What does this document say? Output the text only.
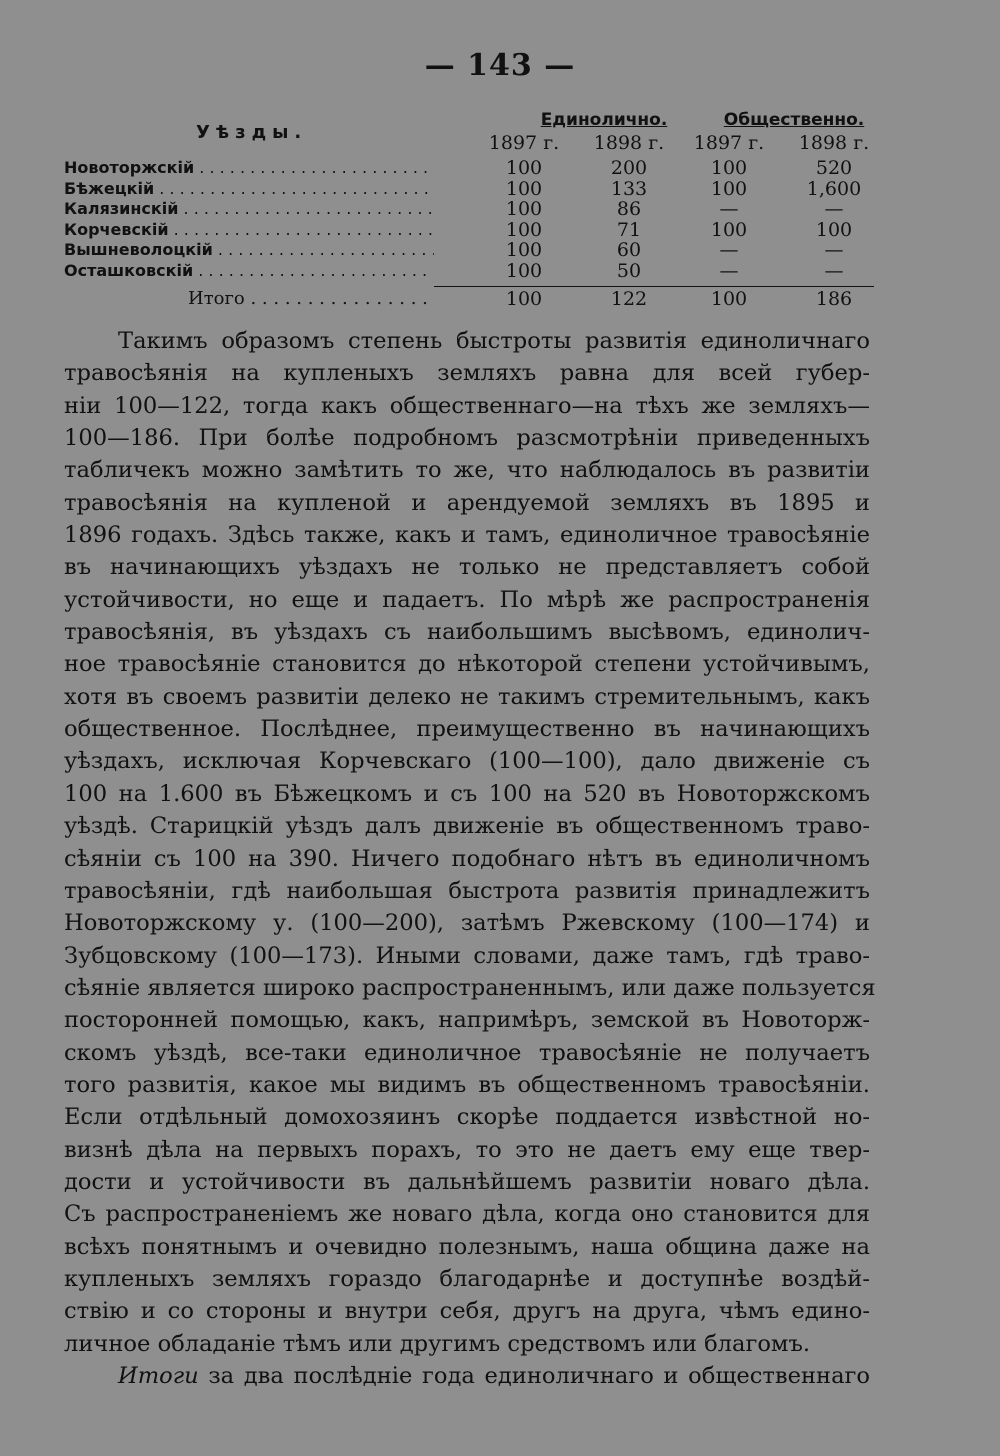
— 143 —
Уѣзды.
Единолично.	Общественно.
1897 г.	1898 г.	1897 г.	1898 г.
Новоторжскій . . .	100	200	100	520
Бѣжецкій . . .	100	133	100	1,600
Калязинскій . . .	100	86	—	—
Корчевскій . . .	100	71	100	100
Вышневолоцкій . . .	100	60	—	—
Осташковскій . . .	100	50	—	—
Итого . . .	100	122	100	186
Такимъ образомъ степень быстроты развитія единоличнаго
травосѣянія на купленыхъ земляхъ равна для всей губер-
ніи 100—122, тогда какъ общественнаго—на тѣхъ же земляхъ—
100—186. При болѣе подробномъ разсмотрѣніи приведенныхъ
табличекъ можно замѣтить то же, что наблюдалось въ развитіи
травосѣянія на купленой и арендуемой земляхъ въ 1895 и
1896 годахъ. Здѣсь также, какъ и тамъ, единоличное травосѣяніе
въ начинающихъ уѣздахъ не только не представляетъ собой
устойчивости, но еще и падаетъ. По мѣрѣ же распространенія
травосѣянія, въ уѣздахъ съ наибольшимъ высѣвомъ, единолич-
ное травосѣяніе становится до нѣкоторой степени устойчивымъ,
хотя въ своемъ развитіи делеко не такимъ стремительнымъ, какъ
общественное. Послѣднее, преимущественно въ начинающихъ
уѣздахъ, исключая Корчевскаго (100—100), дало движеніе съ
100 на 1.600 въ Бѣжецкомъ и съ 100 на 520 въ Новоторжскомъ
уѣздѣ. Старицкій уѣздъ далъ движеніе въ общественномъ траво-
сѣяніи съ 100 на 390. Ничего подобнаго нѣтъ въ единоличномъ
травосѣяніи, гдѣ наибольшая быстрота развитія принадлежитъ
Новоторжскому у. (100—200), затѣмъ Ржевскому (100—174) и
Зубцовскому (100—173). Иными словами, даже тамъ, гдѣ траво-
сѣяніе является широко распространеннымъ, или даже пользуется
посторонней помощью, какъ, напримѣръ, земской въ Новоторж-
скомъ уѣздѣ, все-таки единоличное травосѣяніе не получаетъ
того развитія, какое мы видимъ въ общественномъ травосѣяніи.
Если отдѣльный домохозяинъ скорѣе поддается извѣстной но-
визнѣ дѣла на первыхъ порахъ, то это не даетъ ему еще твер-
дости и устойчивости въ дальнѣйшемъ развитіи новаго дѣла.
Съ распространеніемъ же новаго дѣла, когда оно становится для
всѣхъ понятнымъ и очевидно полезнымъ, наша община даже на
купленыхъ земляхъ гораздо благодарнѣе и доступнѣе воздѣй-
ствію и со стороны и внутри себя, другъ на друга, чѣмъ едино-
личное обладаніе тѣмъ или другимъ средствомъ или благомъ.
Итоги за два послѣдніе года единоличнаго и общественнаго
